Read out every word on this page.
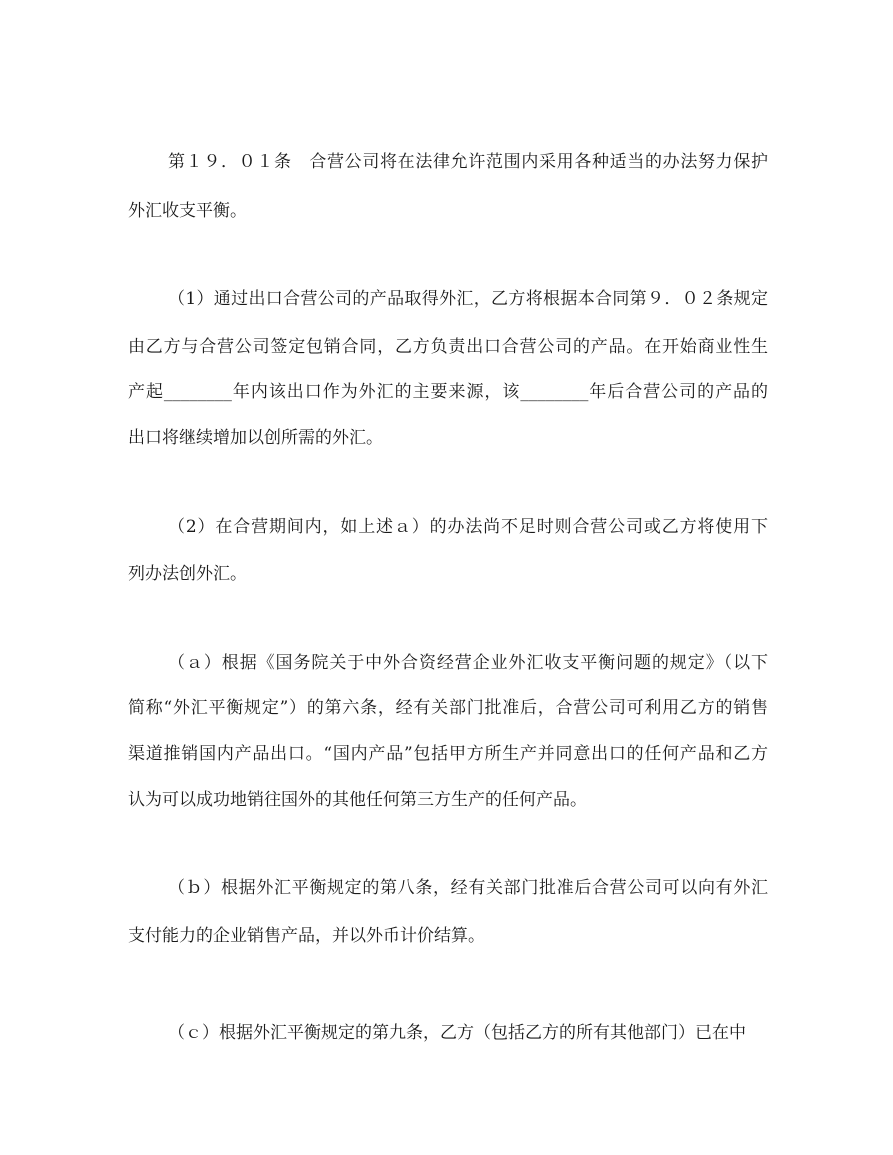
第１９．０１条　合营公司将在法律允许范围内采用各种适当的办法努力保护
外汇收支平衡。
（1）通过出口合营公司的产品取得外汇，乙方将根据本合同第９．０２条规定
由乙方与合营公司签定包销合同，乙方负责出口合营公司的产品。在开始商业性生
产起________年内该出口作为外汇的主要来源，该________年后合营公司的产品的
出口将继续增加以创所需的外汇。
（2）在合营期间内，如上述ａ）的办法尚不足时则合营公司或乙方将使用下
列办法创外汇。
（ａ）根据《国务院关于中外合资经营企业外汇收支平衡问题的规定》（以下
简称“外汇平衡规定”）的第六条，经有关部门批准后，合营公司可利用乙方的销售
渠道推销国内产品出口。“国内产品”包括甲方所生产并同意出口的任何产品和乙方
认为可以成功地销往国外的其他任何第三方生产的任何产品。
（ｂ）根据外汇平衡规定的第八条，经有关部门批准后合营公司可以向有外汇
支付能力的企业销售产品，并以外币计价结算。
（ｃ）根据外汇平衡规定的第九条，乙方（包括乙方的所有其他部门）已在中
